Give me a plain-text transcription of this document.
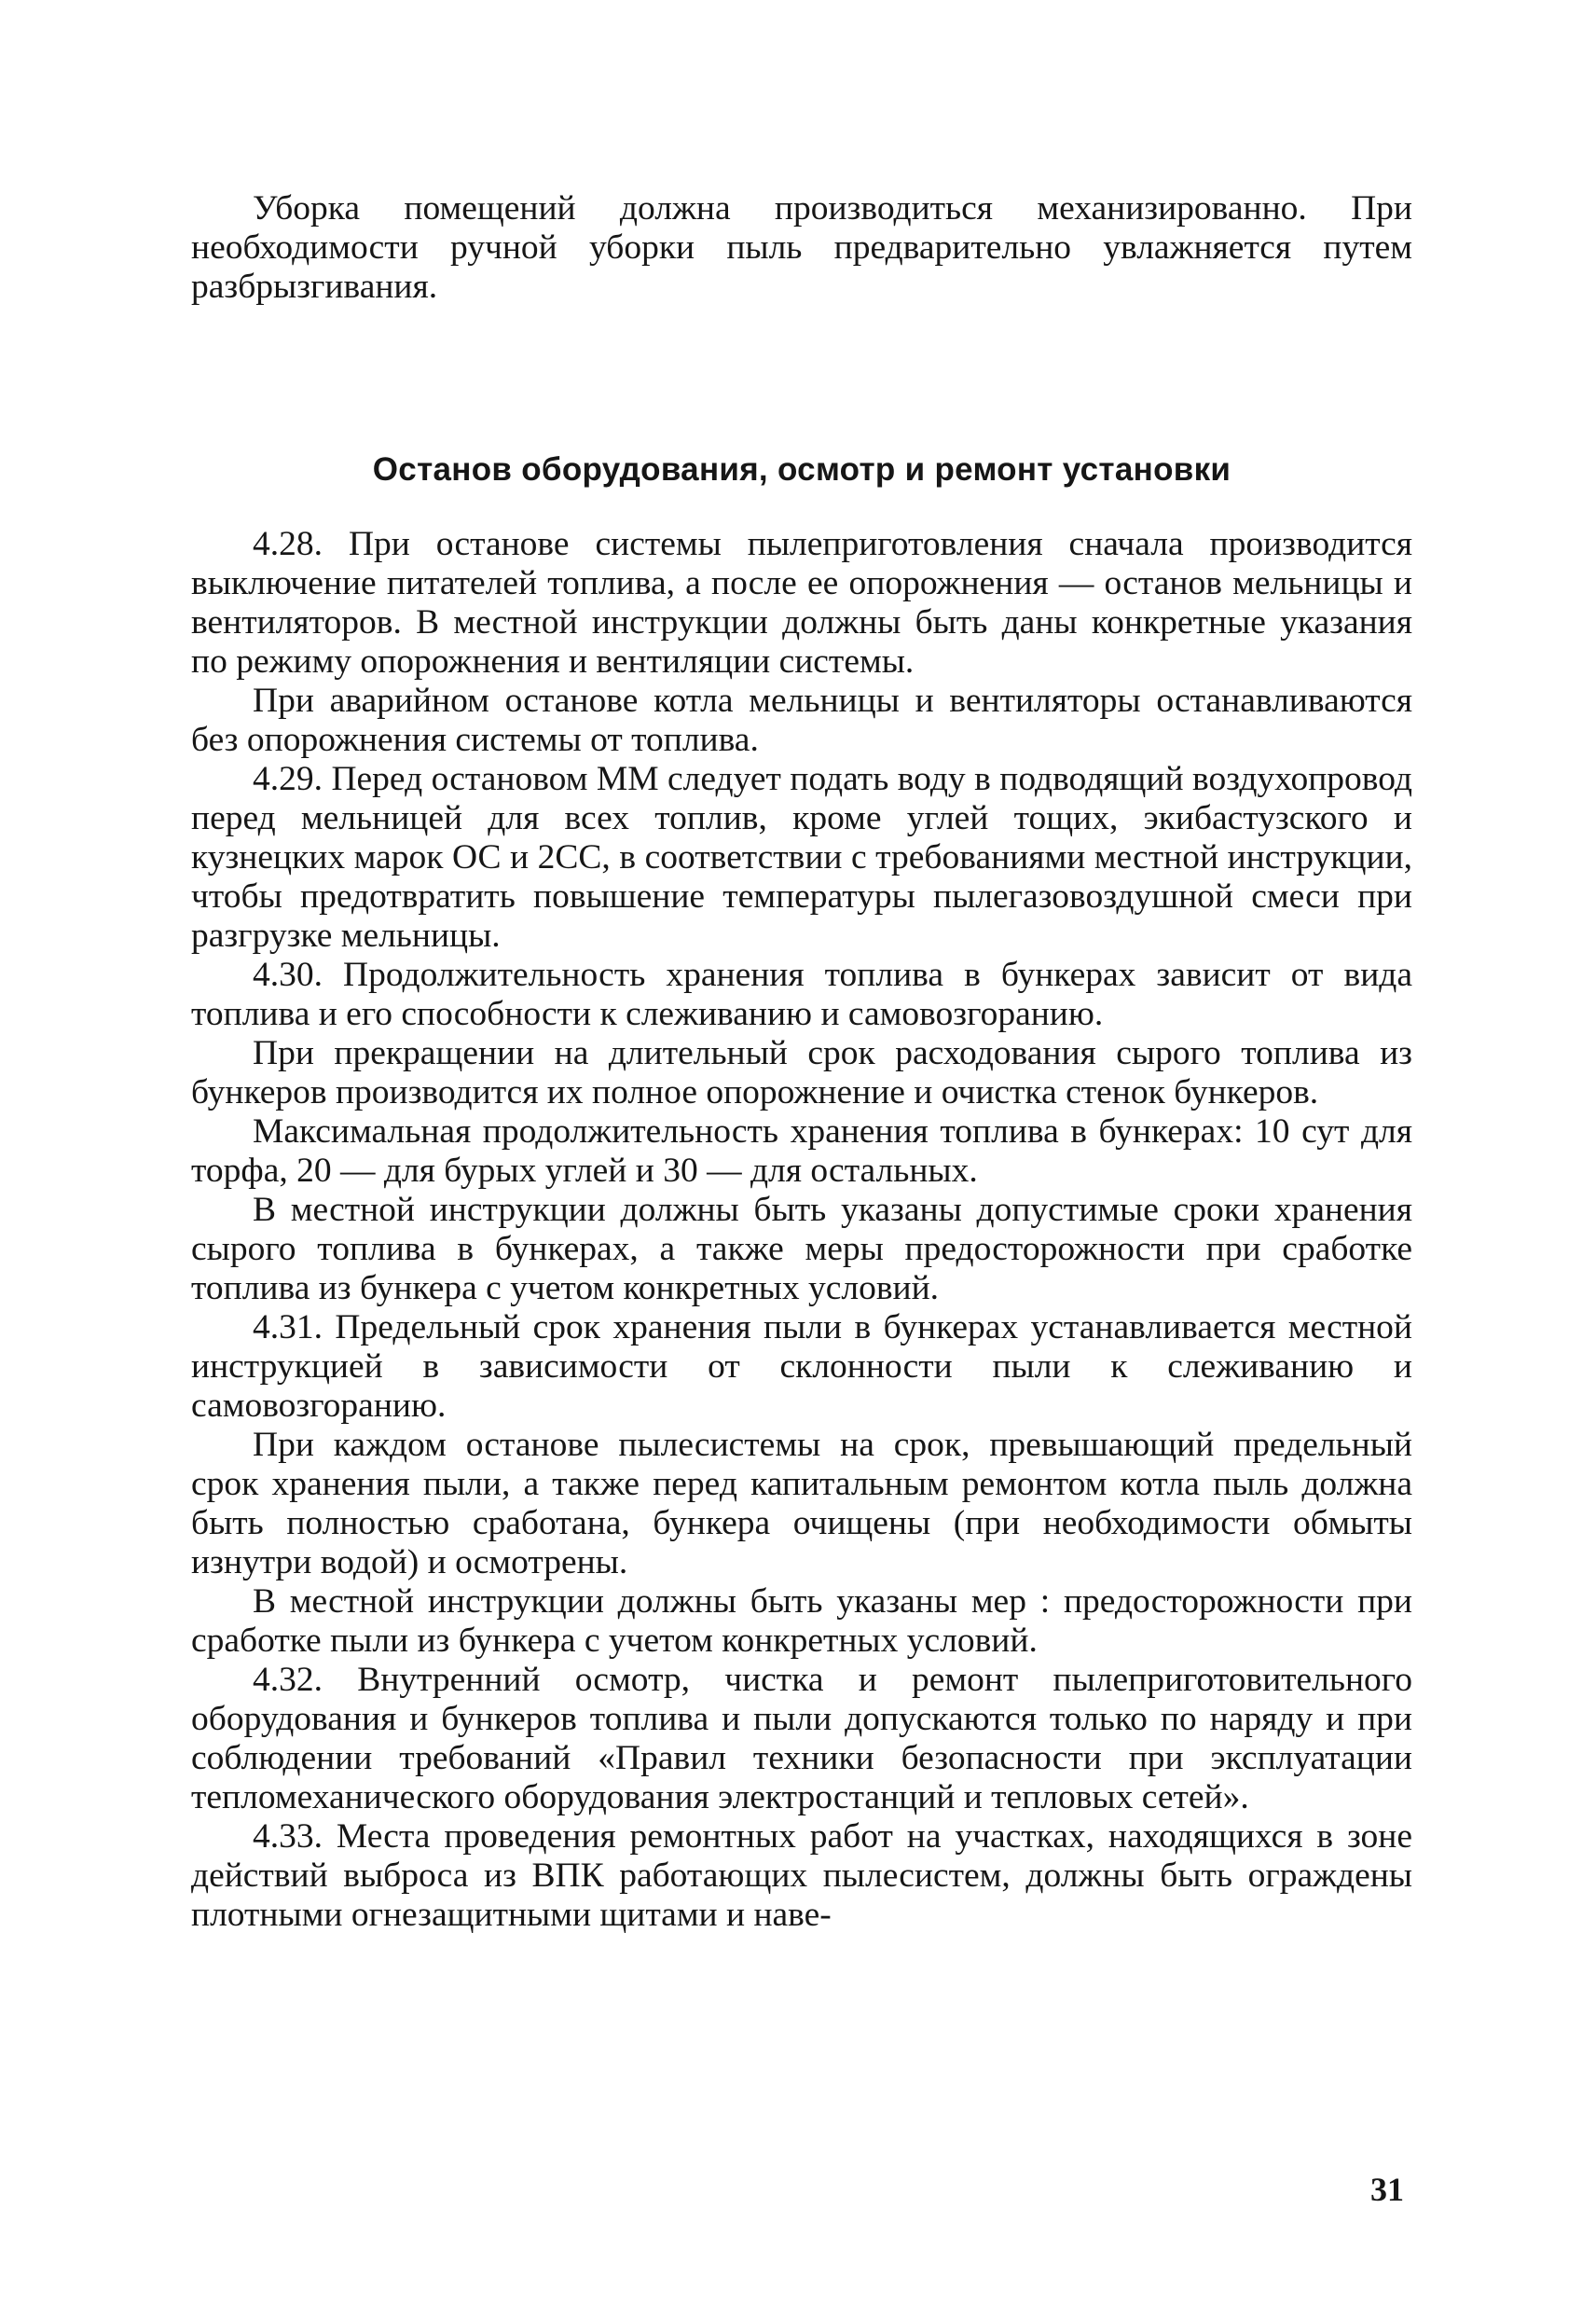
Уборка помещений должна производиться механизированно. При необходимости ручной уборки пыль предварительно увлажняется путем разбрызгивания.

Останов оборудования, осмотр и ремонт установки

4.28. При останове системы пылеприготовления сначала производится выключение питателей топлива, а после ее опорожнения — останов мельницы и вентиляторов. В местной инструкции должны быть даны конкретные указания по режиму опорожнения и вентиляции системы.

При аварийном останове котла мельницы и вентиляторы останавливаются без опорожнения системы от топлива.

4.29. Перед остановом ММ следует подать воду в подводящий воздухопровод перед мельницей для всех топлив, кроме углей тощих, экибастузского и кузнецких марок ОС и 2СС, в соответствии с требованиями местной инструкции, чтобы предотвратить повышение температуры пылегазовоздушной смеси при разгрузке мельницы.

4.30. Продолжительность хранения топлива в бункерах зависит от вида топлива и его способности к слеживанию и самовозгоранию.

При прекращении на длительный срок расходования сырого топлива из бункеров производится их полное опорожнение и очистка стенок бункеров.

Максимальная продолжительность хранения топлива в бункерах: 10 сут для торфа, 20 — для бурых углей и 30 — для остальных.

В местной инструкции должны быть указаны допустимые сроки хранения сырого топлива в бункерах, а также меры предосторожности при сработке топлива из бункера с учетом конкретных условий.

4.31. Предельный срок хранения пыли в бункерах устанавливается местной инструкцией в зависимости от склонности пыли к слеживанию и самовозгоранию.

При каждом останове пылесистемы на срок, превышающий предельный срок хранения пыли, а также перед капитальным ремонтом котла пыль должна быть полностью сработана, бункера очищены (при необходимости обмыты изнутри водой) и осмотрены.

В местной инструкции должны быть указаны мер : предосторожности при сработке пыли из бункера с учетом конкретных условий.

4.32. Внутренний осмотр, чистка и ремонт пылеприготовительного оборудования и бункеров топлива и пыли допускаются только по наряду и при соблюдении требований «Правил техники безопасности при эксплуатации тепломеханического оборудования электростанций и тепловых сетей».

4.33. Места проведения ремонтных работ на участках, находящихся в зоне действий выброса из ВПК работающих пылесистем, должны быть ограждены плотными огнезащитными щитами и наве-

31
